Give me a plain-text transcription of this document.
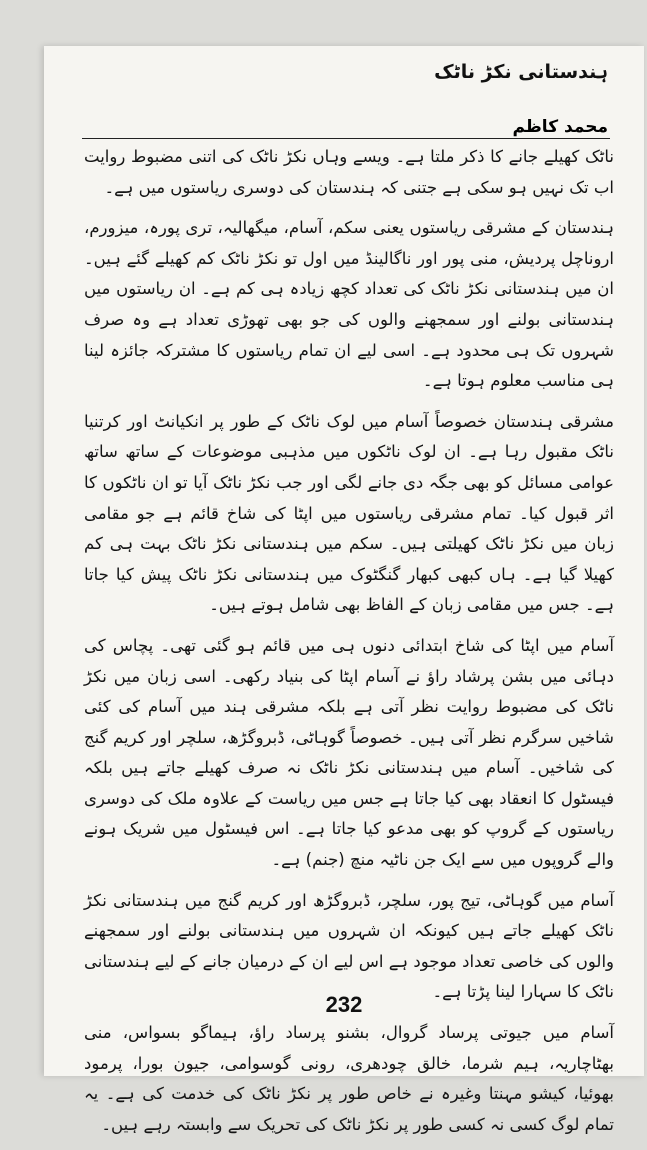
ہندستانی نکڑ ناٹک
محمد کاظم

ناٹک کھیلے جانے کا ذکر ملتا ہے۔ ویسے وہاں نکڑ ناٹک کی اتنی مضبوط روایت اب تک نہیں ہو سکی ہے جتنی کہ ہندستان کی دوسری ریاستوں میں ہے۔

ہندستان کے مشرقی ریاستوں یعنی سکم، آسام، میگھالیہ، تری پورہ، میزورم، اروناچل پردیش، منی پور اور ناگالینڈ میں اول تو نکڑ ناٹک کم کھیلے گئے ہیں۔ ان میں ہندستانی نکڑ ناٹک کی تعداد کچھ زیادہ ہی کم ہے۔ ان ریاستوں میں ہندستانی بولنے اور سمجھنے والوں کی جو بھی تھوڑی تعداد ہے وہ صرف شہروں تک ہی محدود ہے۔ اسی لیے ان تمام ریاستوں کا مشترکہ جائزہ لینا ہی مناسب معلوم ہوتا ہے۔

مشرقی ہندستان خصوصاً آسام میں لوک ناٹک کے طور پر انکیانٹ اور کرتنیا ناٹک مقبول رہا ہے۔ ان لوک ناٹکوں میں مذہبی موضوعات کے ساتھ ساتھ عوامی مسائل کو بھی جگہ دی جانے لگی اور جب نکڑ ناٹک آیا تو ان ناٹکوں کا اثر قبول کیا۔ تمام مشرقی ریاستوں میں اپٹا کی شاخ قائم ہے جو مقامی زبان میں نکڑ ناٹک کھیلتی ہیں۔ سکم میں ہندستانی نکڑ ناٹک بہت ہی کم کھیلا گیا ہے۔ ہاں کبھی کبھار گنگٹوک میں ہندستانی نکڑ ناٹک پیش کیا جاتا ہے۔ جس میں مقامی زبان کے الفاظ بھی شامل ہوتے ہیں۔

آسام میں اپٹا کی شاخ ابتدائی دنوں ہی میں قائم ہو گئی تھی۔ پچاس کی دہائی میں بشن پرشاد راؤ نے آسام اپٹا کی بنیاد رکھی۔ اسی زبان میں نکڑ ناٹک کی مضبوط روایت نظر آتی ہے بلکہ مشرقی ہند میں آسام کی کئی شاخیں سرگرم نظر آتی ہیں۔ خصوصاً گوہاٹی، ڈبروگڑھ، سلچر اور کریم گنج کی شاخیں۔ آسام میں ہندستانی نکڑ ناٹک نہ صرف کھیلے جاتے ہیں بلکہ فیسٹول کا انعقاد بھی کیا جاتا ہے جس میں ریاست کے علاوہ ملک کی دوسری ریاستوں کے گروپ کو بھی مدعو کیا جاتا ہے۔ اس فیسٹول میں شریک ہونے والے گروپوں میں سے ایک جن ناٹیہ منچ (جنم) ہے۔

آسام میں گوہاٹی، تیج پور، سلچر، ڈبروگڑھ اور کریم گنج میں ہندستانی نکڑ ناٹک کھیلے جاتے ہیں کیونکہ ان شہروں میں ہندستانی بولنے اور سمجھنے والوں کی خاصی تعداد موجود ہے اس لیے ان کے درمیان جانے کے لیے ہندستانی ناٹک کا سہارا لینا پڑتا ہے۔

آسام میں جیوتی پرساد گروال، بشنو پرساد راؤ، ہیماگو بسواس، منی بھٹاچاریہ، ہیم شرما، خالق چودھری، رونی گوسوامی، جیون بورا، پرمود بھوئیا، کیشو مہنتا وغیرہ نے خاص طور پر نکڑ ناٹک کی خدمت کی ہے۔ یہ تمام لوگ کسی نہ کسی طور پر نکڑ ناٹک کی تحریک سے وابستہ رہے ہیں۔

232
